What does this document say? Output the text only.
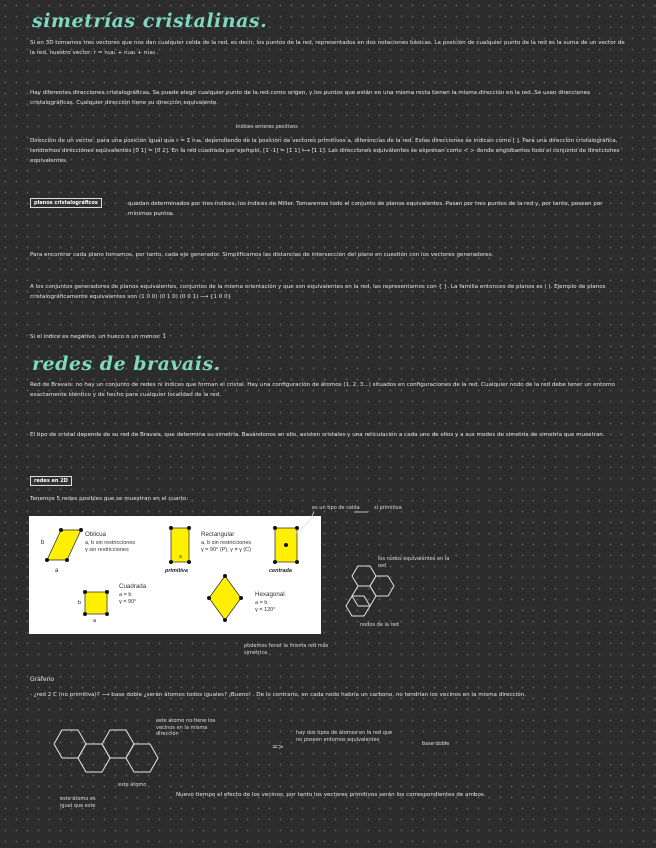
simetrías cristalinas.

Si en 3D tomamos tres vectores que nos dan cualquier celda de la red, es decir, los puntos de la red, representados en dos notaciones básicas. La posición de cualquier punto de la red es la suma de un vector de la red, nuestro vector: r = n₁a₁ + n₂a₂ + n₃a₃ .

Hay diferentes direcciones cristalográficas. Se puede elegir cualquier punto de la red como origen, y los puntos que están en una misma recta tienen la misma dirección en la red. Se usan direcciones cristalográficas. Cualquier dirección tiene su dirección equivalente.

índices enteros positivos

Dirección de un vector, para una posición igual que r = Σ nᵢaᵢ, dependiendo de la posición de vectores primitivos a, diferencias de la red. Estas direcciones se indican como [ ]. Para una dirección cristalográfica, tendremos direcciones equivalentes [0 1] = [0 2]. En la red cuadrada por ejemplo, [1 -1] = [1 1] ⟷ [1 1]. Las direcciones equivalentes se expresan como < > donde englobamos todo el conjunto de direcciones equivalentes.

planos cristalográficos	quedan determinados por tres índices, los índices de Miller. Tomaremos todo el conjunto de planos equivalentes. Pasan por tres puntos de la red y, por tanto, poseen por mínimos puntos.

Para encontrar cada plano tomamos, por tanto, cada eje generador. Simplificamos las distancias de intersección del plano en cuestión con los vectores generadores.

A los conjuntos generadores de planos equivalentes, conjuntos de la misma orientación y que son equivalentes en la red, las representamos con { }. La familia entonces de planos es ( ). Ejemplo de planos cristalográficamente equivalentes son (1 0 0) (0 1 0) (0 0 1) ⟶ {1 0 0}

Si el índice es negativo, un hueco o un menos: 1̄

redes de bravais.

Red de Bravais: no hay un conjunto de redes ni índices que forman el cristal. Hay una configuración de átomos (1, 2, 3...) situados en configuraciones de la red. Cualquier nodo de la red debe tener un entorno exactamente idéntico y de hecho para cualquier localidad de la red.

El tipo de cristal depende de su red de Bravais, que determina su simetría. Basándonos en ello, existen cristales y una reticulación a cada uno de ellos y a sus modos de simetría de simetría que muestran.

redes en 2D

Tenemos 5 redes posibles que se muestran en el cuarto:

b
a
Oblicua
a, b sin restricciones
γ sin restricciones
a
primitiva
Rectangular
a, b sin restricciones
γ = 90° (P), γ ≠ γ (C)
centrada
b
a
Cuadrada
a = b
γ = 90°
Hexagonal
a = b
γ = 120°
es un tipo de celda	sí primitiva
nodos de la red
los nodos equivalentes en la red
podemos tener la misma red más simétrica
Grafeno

- ¿red 2 C (no primitiva)? ⟶ base doble ¿serán átomos todos iguales? ¡Bueno! . De lo contrario, en cada nodo habría un carbono, no tendrían los vecinos en la misma dirección.

este átomo
este átomo no tiene los vecinos en la misma dirección
este átomo es igual que este
=>
hay dos tipos de átomos en la red que no poseen entornos equivalentes
base doble

Nuevo tiempo el efecto de los vecinos, por tanto los vectores primitivos serán los correspondientes de ambos.
